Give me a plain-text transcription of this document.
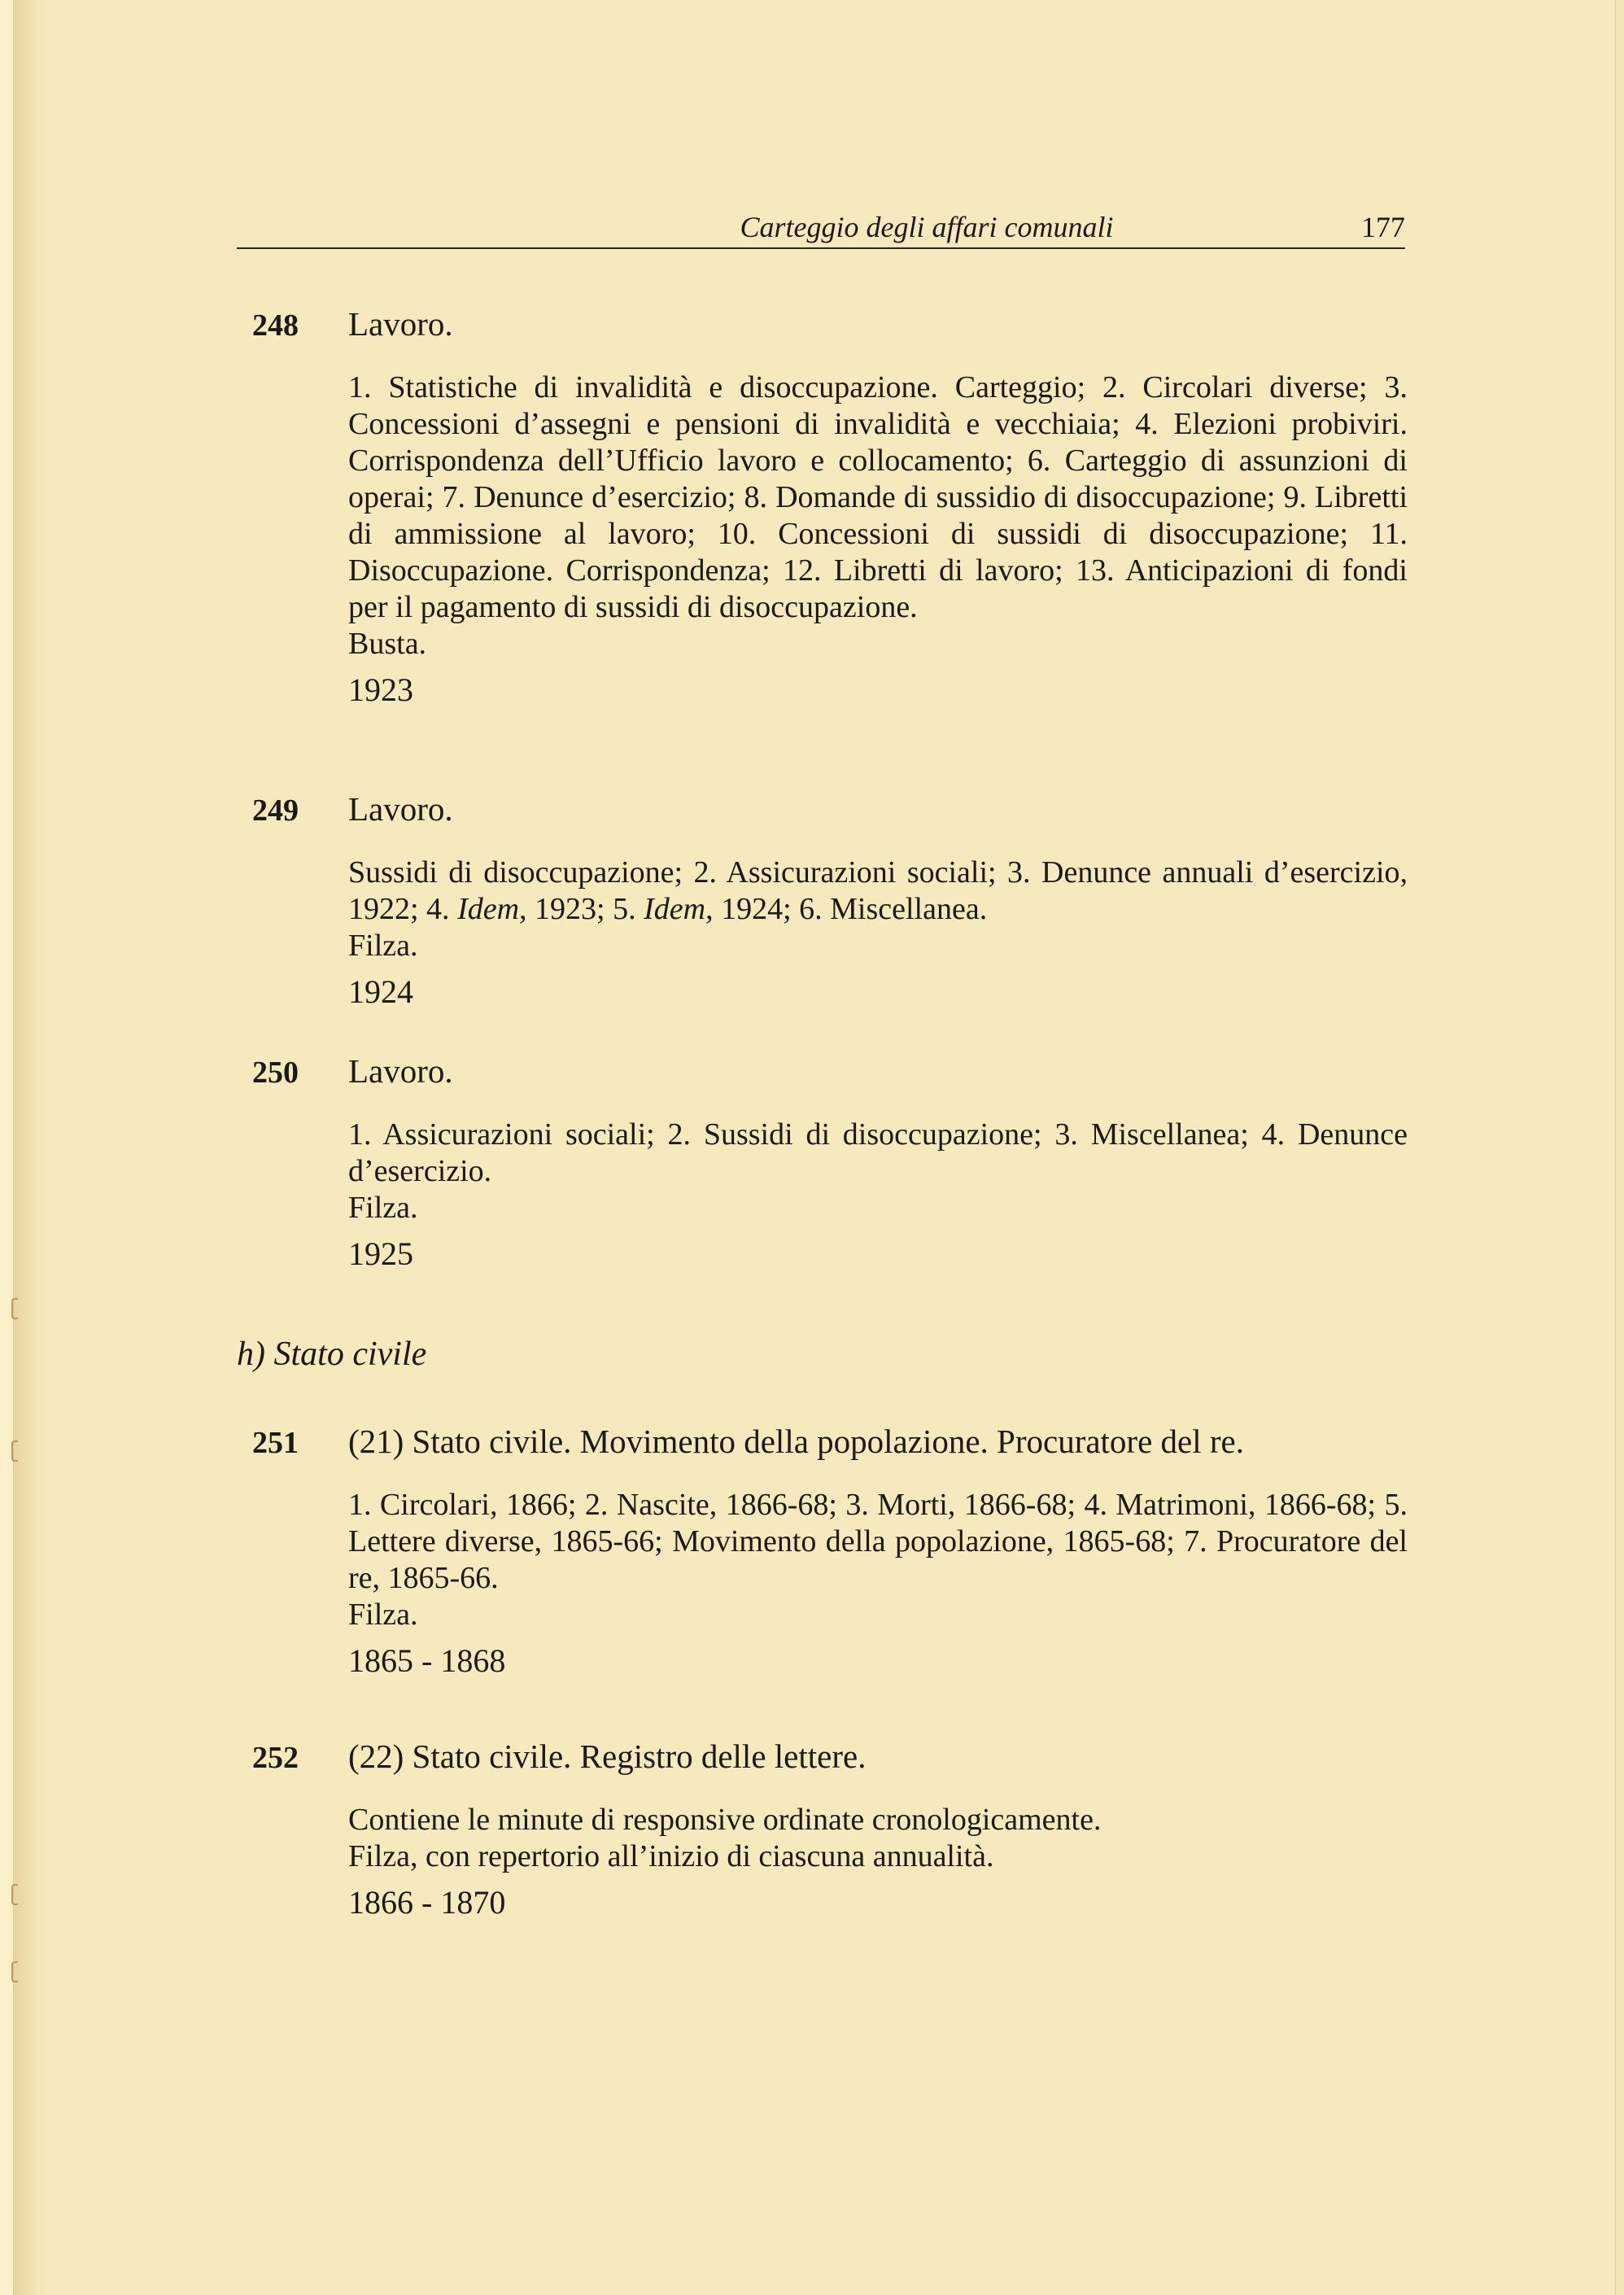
Carteggio degli affari comunali	177
248	Lavoro.
1. Statistiche di invalidità e disoccupazione. Carteggio; 2. Circolari diverse; 3. Concessioni d’assegni e pensioni di invalidità e vecchiaia; 4. Elezioni probiviri. Corrispondenza dell’Ufficio lavoro e collocamento; 6. Carteggio di assunzioni di operai; 7. Denunce d’esercizio; 8. Domande di sussidio di disoccupazione; 9. Libretti di ammissione al lavoro; 10. Concessioni di sussidi di disoccupazione; 11. Disoccupazione. Corrispondenza; 12. Libretti di lavoro; 13. Anticipazioni di fondi per il pagamento di sussidi di disoccupazione.
Busta.
1923
249	Lavoro.
Sussidi di disoccupazione; 2. Assicurazioni sociali; 3. Denunce annuali d’esercizio, 1922; 4. Idem, 1923; 5. Idem, 1924; 6. Miscellanea.
Filza.
1924
250	Lavoro.
1. Assicurazioni sociali; 2. Sussidi di disoccupazione; 3. Miscellanea; 4. Denunce d’esercizio.
Filza.
1925
h) Stato civile
251	(21) Stato civile. Movimento della popolazione. Procuratore del re.
1. Circolari, 1866; 2. Nascite, 1866-68; 3. Morti, 1866-68; 4. Matrimoni, 1866-68; 5. Lettere diverse, 1865-66; Movimento della popolazione, 1865-68; 7. Procuratore del re, 1865-66.
Filza.
1865 - 1868
252	(22) Stato civile. Registro delle lettere.
Contiene le minute di responsive ordinate cronologicamente.
Filza, con repertorio all’inizio di ciascuna annualità.
1866 - 1870
